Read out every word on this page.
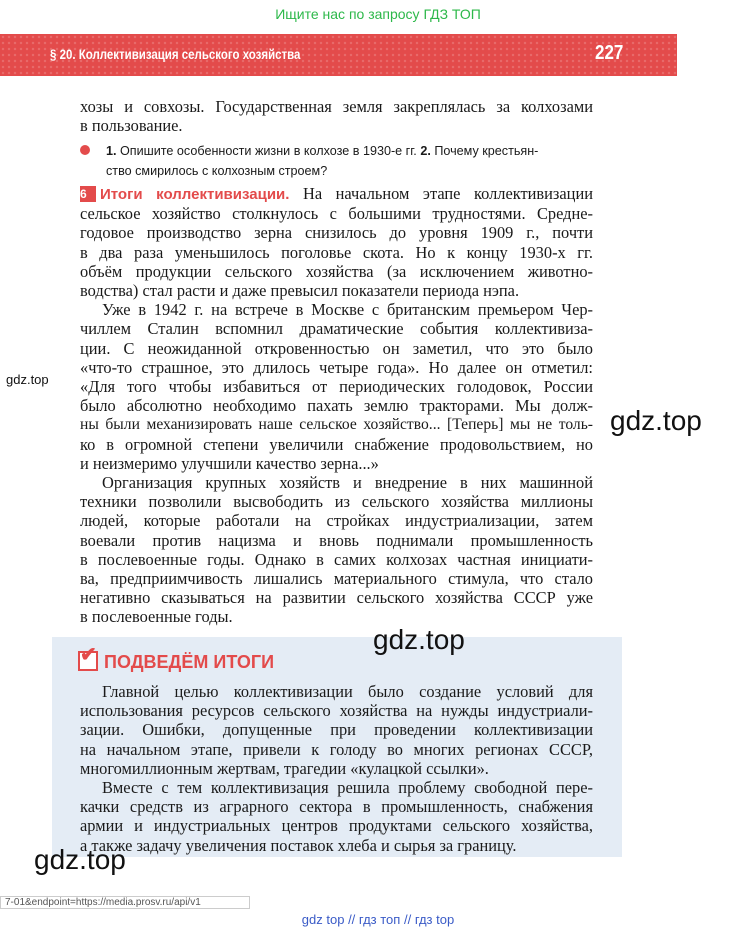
Ищите нас по запросу ГДЗ ТОП
§ 20. Коллективизация сельского хозяйства	227

хозы и совхозы. Государственная земля закреплялась за колхозами

в пользование.

1. Опишите особенности жизни в колхозе в 1930-е гг. 2. Почему крестьян-
ство смирилось с колхозным строем?

6 Итоги коллективизации. На начальном этапе коллективизации

сельское хозяйство столкнулось с большими трудностями. Средне-

годовое производство зерна снизилось до уровня 1909 г., почти

в два раза уменьшилось поголовье скота. Но к концу 1930-х гг.

объём продукции сельского хозяйства (за исключением животно-

водства) стал расти и даже превысил показатели периода нэпа.

Уже в 1942 г. на встрече в Москве с британским премьером Чер-

чиллем Сталин вспомнил драматические события коллективиза-

ции. С неожиданной откровенностью он заметил, что это было

«что-то страшное, это длилось четыре года». Но далее он отметил:

«Для того чтобы избавиться от периодических голодовок, России

было абсолютно необходимо пахать землю тракторами. Мы долж-

ны были механизировать наше сельское хозяйство... [Теперь] мы не толь-

ко в огромной степени увеличили снабжение продовольствием, но

и неизмеримо улучшили качество зерна...»

Организация крупных хозяйств и внедрение в них машинной

техники позволили высвободить из сельского хозяйства миллионы

людей, которые работали на стройках индустриализации, затем

воевали против нацизма и вновь поднимали промышленность

в послевоенные годы. Однако в самих колхозах частная инициати-

ва, предприимчивость лишались материального стимула, что стало

негативно сказываться на развитии сельского хозяйства СССР уже

в послевоенные годы.

✔ ПОДВЕДЁМ ИТОГИ

Главной целью коллективизации было создание условий для

использования ресурсов сельского хозяйства на нужды индустриали-

зации. Ошибки, допущенные при проведении коллективизации

на начальном этапе, привели к голоду во многих регионах СССР,

многомиллионным жертвам, трагедии «кулацкой ссылки».

Вместе с тем коллективизация решила проблему свободной пере-

качки средств из аграрного сектора в промышленность, снабжения

армии и индустриальных центров продуктами сельского хозяйства,

а также задачу увеличения поставок хлеба и сырья за границу.

gdz.top
gdz.top
gdz.top
gdz.top
7-01&endpoint=https://media.prosv.ru/api/v1
gdz top // гдз топ // гдз top
